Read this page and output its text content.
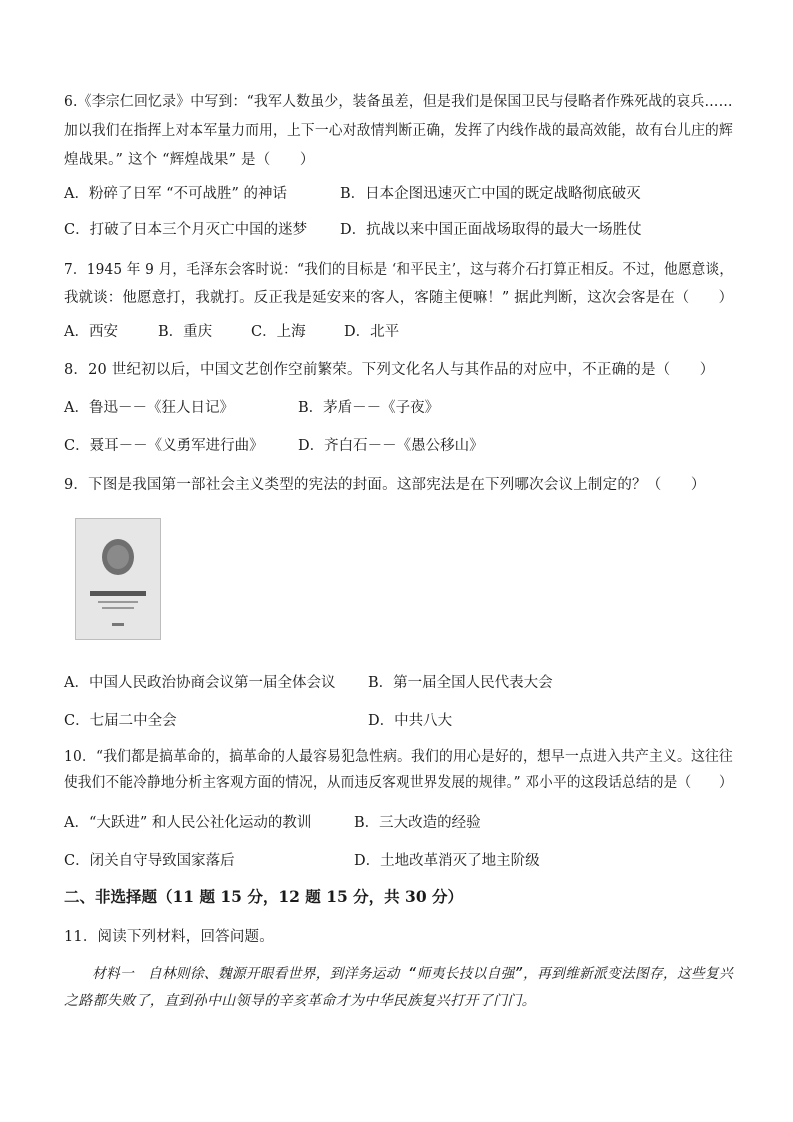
6.《李宗仁回忆录》中写到：“我军人数虽少，装备虽差，但是我们是保国卫民与侵略者作殊死战的哀兵……
加以我们在指挥上对本军量力而用，上下一心对敌情判断正确，发挥了内线作战的最高效能，故有台儿庄的辉
煌战果。” 这个 “辉煌战果” 是（　　）
A．粉碎了日军 “不可战胜” 的神话	B．日本企图迅速灭亡中国的既定战略彻底破灭
C．打破了日本三个月灭亡中国的迷梦 D．抗战以来中国正面战场取得的最大一场胜仗
7．1945 年 9 月，毛泽东会客时说：“我们的目标是 ‘和平民主’，这与蒋介石打算正相反。不过，他愿意谈，
我就谈：他愿意打，我就打。反正我是延安来的客人，客随主便嘛！” 据此判断，这次会客是在（　　）
A．西安	B．重庆	C．上海	D．北平
8．20 世纪初以后，中国文艺创作空前繁荣。下列文化名人与其作品的对应中，不正确的是（　　）
A．鲁迅－－《狂人日记》	B．茅盾－－《子夜》
C．聂耳－－《义勇军进行曲》 D．齐白石－－《愚公移山》
9．下图是我国第一部社会主义类型的宪法的封面。这部宪法是在下列哪次会议上制定的？（　　）
A．中国人民政治协商会议第一届全体会议 B．第一届全国人民代表大会
C．七届二中全会	D．中共八大
10．“我们都是搞革命的，搞革命的人最容易犯急性病。我们的用心是好的，想早一点进入共产主义。这往往
使我们不能冷静地分析主客观方面的情况，从而违反客观世界发展的规律。” 邓小平的这段话总结的是（　　）
A．“大跃进” 和人民公社化运动的教训	B．三大改造的经验
C．闭关自守导致国家落后	D．土地改革消灭了地主阶级
二、非选择题（11 题 15 分，12 题 15 分，共 30 分）
11．阅读下列材料，回答问题。
　　材料一　自林则徐、魏源开眼看世界，到洋务运动 “师夷长技以自强”，再到维新派变法图存，这些复兴
之路都失败了，直到孙中山领导的辛亥革命才为中华民族复兴打开了门门。
